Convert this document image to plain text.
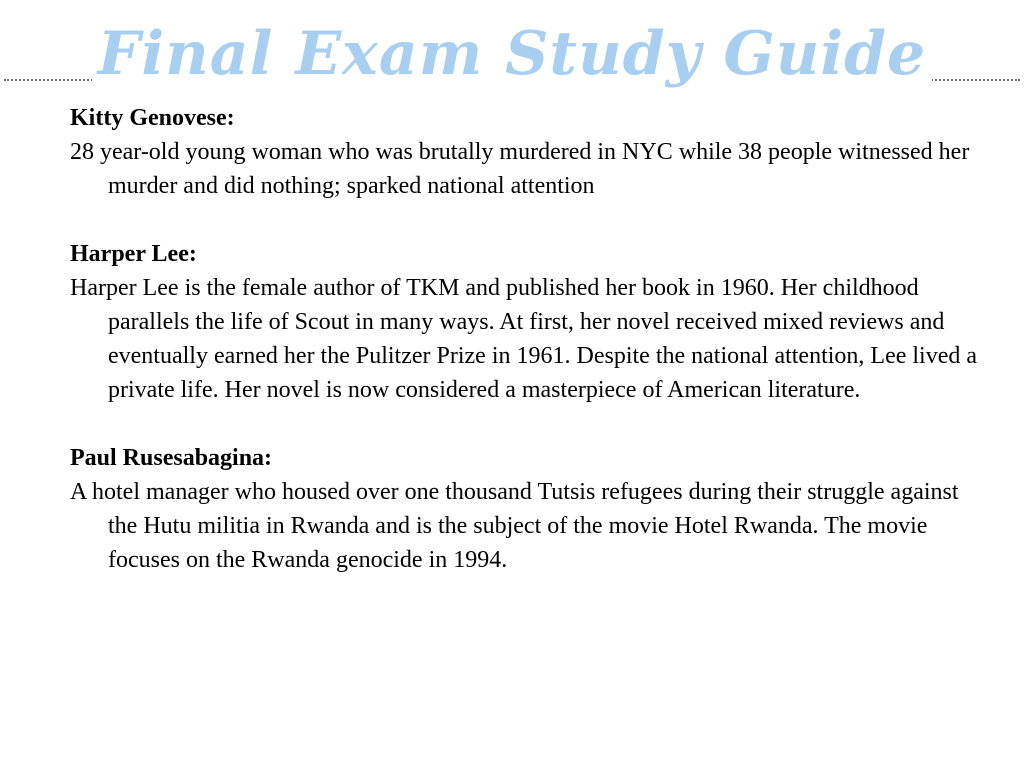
Final Exam Study Guide

Kitty Genovese:

28 year-old young woman who was brutally murdered in NYC while 38 people witnessed her murder and did nothing; sparked national attention

Harper Lee:

Harper Lee is the female author of TKM and published her book in 1960. Her childhood parallels the life of Scout in many ways. At first, her novel received mixed reviews and eventually earned her the Pulitzer Prize in 1961. Despite the national attention, Lee lived a private life. Her novel is now considered a masterpiece of American literature.

Paul Rusesabagina:

A hotel manager who housed over one thousand Tutsis refugees during their struggle against the Hutu militia in Rwanda and is the subject of the movie Hotel Rwanda. The movie focuses on the Rwanda genocide in 1994.
